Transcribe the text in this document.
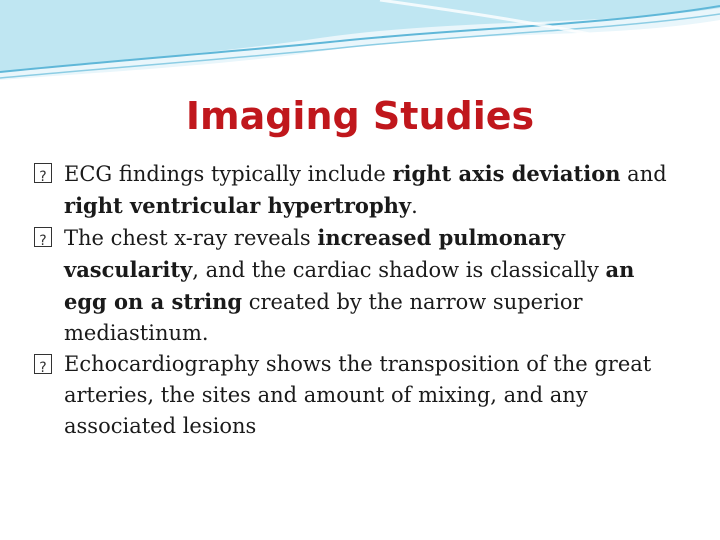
Imaging Studies

?
ECG findings typically include right axis deviation and right ventricular hypertrophy.

?
The chest x-ray reveals increased pulmonary vascularity, and the cardiac shadow is classically an egg on a string created by the narrow superior mediastinum.

?
Echocardiography shows the transposition of the great arteries, the sites and amount of mixing, and any associated lesions
